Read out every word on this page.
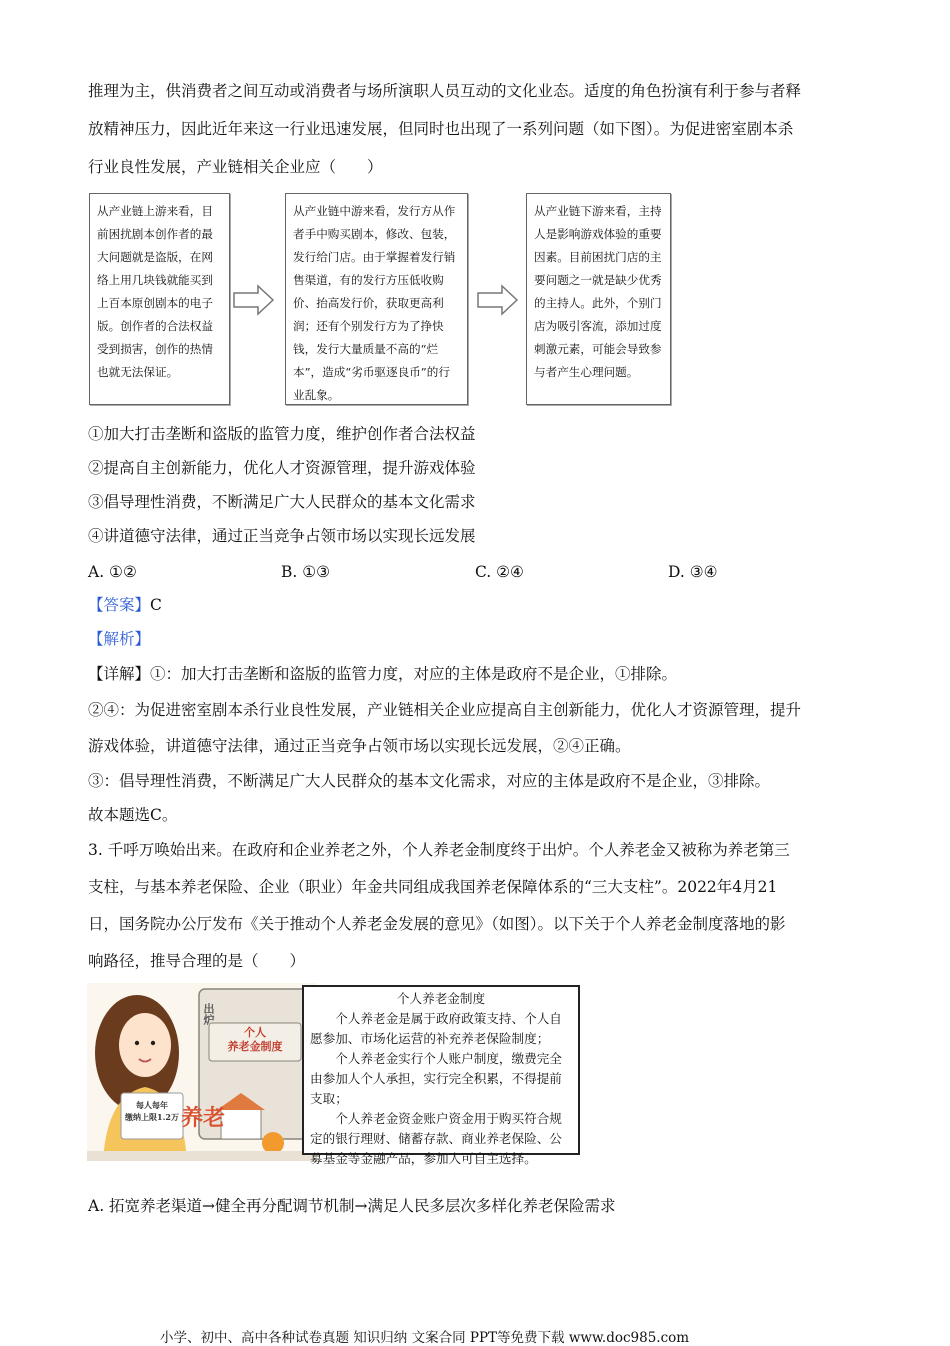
推理为主，供消费者之间互动或消费者与场所演职人员互动的文化业态。适度的角色扮演有利于参与者释
放精神压力，因此近年来这一行业迅速发展，但同时也出现了一系列问题（如下图）。为促进密室剧本杀
行业良性发展，产业链相关企业应（　　）
从产业链上游来看，目前困扰剧本创作者的最大问题就是盗版，在网络上用几块钱就能买到上百本原创剧本的电子版。创作者的合法权益受到损害，创作的热情也就无法保证。
从产业链中游来看，发行方从作者手中购买剧本，修改、包装，发行给门店。由于掌握着发行销售渠道，有的发行方压低收购价、抬高发行价，获取更高利润；还有个别发行方为了挣快钱，发行大量质量不高的“烂本”，造成“劣币驱逐良币”的行业乱象。
从产业链下游来看，主持人是影响游戏体验的重要因素。目前困扰门店的主要问题之一就是缺少优秀的主持人。此外，个别门店为吸引客流，添加过度刺激元素，可能会导致参与者产生心理问题。
①加大打击垄断和盗版的监管力度，维护创作者合法权益
②提高自主创新能力，优化人才资源管理，提升游戏体验
③倡导理性消费，不断满足广大人民群众的基本文化需求
④讲道德守法律，通过正当竞争占领市场以实现长远发展
A. ①②	B. ①③	C. ②④	D. ③④
【答案】C
【解析】
【详解】①：加大打击垄断和盗版的监管力度，对应的主体是政府不是企业，①排除。
②④：为促进密室剧本杀行业良性发展，产业链相关企业应提高自主创新能力，优化人才资源管理，提升
游戏体验，讲道德守法律，通过正当竞争占领市场以实现长远发展，②④正确。
③：倡导理性消费，不断满足广大人民群众的基本文化需求，对应的主体是政府不是企业，③排除。
故本题选C。
3. 千呼万唤始出来。在政府和企业养老之外，个人养老金制度终于出炉。个人养老金又被称为养老第三
支柱，与基本养老保险、企业（职业）年金共同组成我国养老保障体系的“三大支柱”。2022年4月21
日，国务院办公厅发布《关于推动个人养老金发展的意见》（如图）。以下关于个人养老金制度落地的影
响路径，推导合理的是（　　）
出炉
个人
养老金制度
每人每年
缴纳上限1.2万 养老
个人养老金制度

个人养老金是属于政府政策支持、个人自愿参加、市场化运营的补充养老保险制度；

个人养老金实行个人账户制度，缴费完全由参加人个人承担，实行完全积累，不得提前支取；

个人养老金资金账户资金用于购买符合规定的银行理财、储蓄存款、商业养老保险、公募基金等金融产品，参加人可自主选择。

A. 拓宽养老渠道→健全再分配调节机制→满足人民多层次多样化养老保险需求
小学、初中、高中各种试卷真题 知识归纳 文案合同 PPT等免费下载 www.doc985.com
